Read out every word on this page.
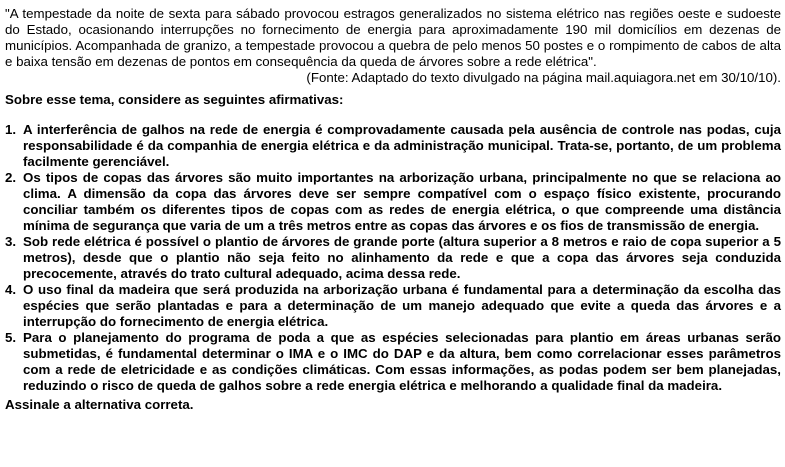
"A tempestade da noite de sexta para sábado provocou estragos generalizados no sistema elétrico nas regiões oeste e sudoeste do Estado, ocasionando interrupções no fornecimento de energia para aproximadamente 190 mil domicílios em dezenas de municípios. Acompanhada de granizo, a tempestade provocou a quebra de pelo menos 50 postes e o rompimento de cabos de alta e baixa tensão em dezenas de pontos em consequência da queda de árvores sobre a rede elétrica".

(Fonte: Adaptado do texto divulgado na página mail.aquiagora.net em 30/10/10).

Sobre esse tema, considere as seguintes afirmativas:

1. A interferência de galhos na rede de energia é comprovadamente causada pela ausência de controle nas podas, cuja responsabilidade é da companhia de energia elétrica e da administração municipal. Trata-se, portanto, de um problema facilmente gerenciável.
2. Os tipos de copas das árvores são muito importantes na arborização urbana, principalmente no que se relaciona ao clima. A dimensão da copa das árvores deve ser sempre compatível com o espaço físico existente, procurando conciliar também os diferentes tipos de copas com as redes de energia elétrica, o que compreende uma distância mínima de segurança que varia de um a três metros entre as copas das árvores e os fios de transmissão de energia.
3. Sob rede elétrica é possível o plantio de árvores de grande porte (altura superior a 8 metros e raio de copa superior a 5 metros), desde que o plantio não seja feito no alinhamento da rede e que a copa das árvores seja conduzida precocemente, através do trato cultural adequado, acima dessa rede.
4. O uso final da madeira que será produzida na arborização urbana é fundamental para a determinação da escolha das espécies que serão plantadas e para a determinação de um manejo adequado que evite a queda das árvores e a interrupção do fornecimento de energia elétrica.
5. Para o planejamento do programa de poda a que as espécies selecionadas para plantio em áreas urbanas serão submetidas, é fundamental determinar o IMA e o IMC do DAP e da altura, bem como correlacionar esses parâmetros com a rede de eletricidade e as condições climáticas. Com essas informações, as podas podem ser bem planejadas, reduzindo o risco de queda de galhos sobre a rede energia elétrica e melhorando a qualidade final da madeira.

Assinale a alternativa correta.
